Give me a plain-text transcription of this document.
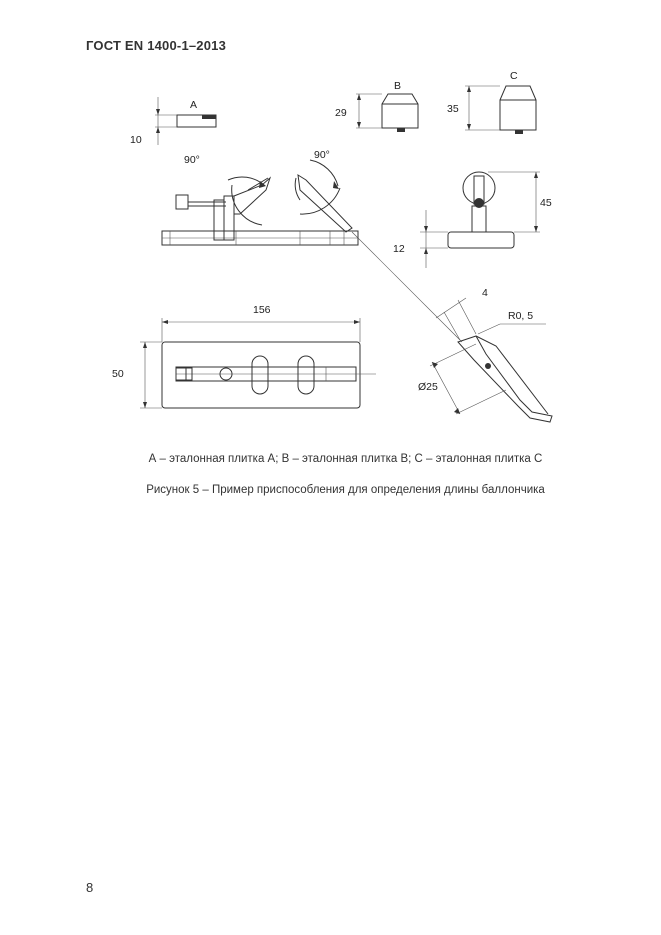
ГОСТ EN 1400-1–2013
A
10
B
29
C
35
90°	90°
12
45
156
50
Ø25
4
R0, 5
А – эталонная плитка А; В – эталонная плитка В; С – эталонная плитка С
Рисунок 5 – Пример приспособления для определения длины баллончика
8
